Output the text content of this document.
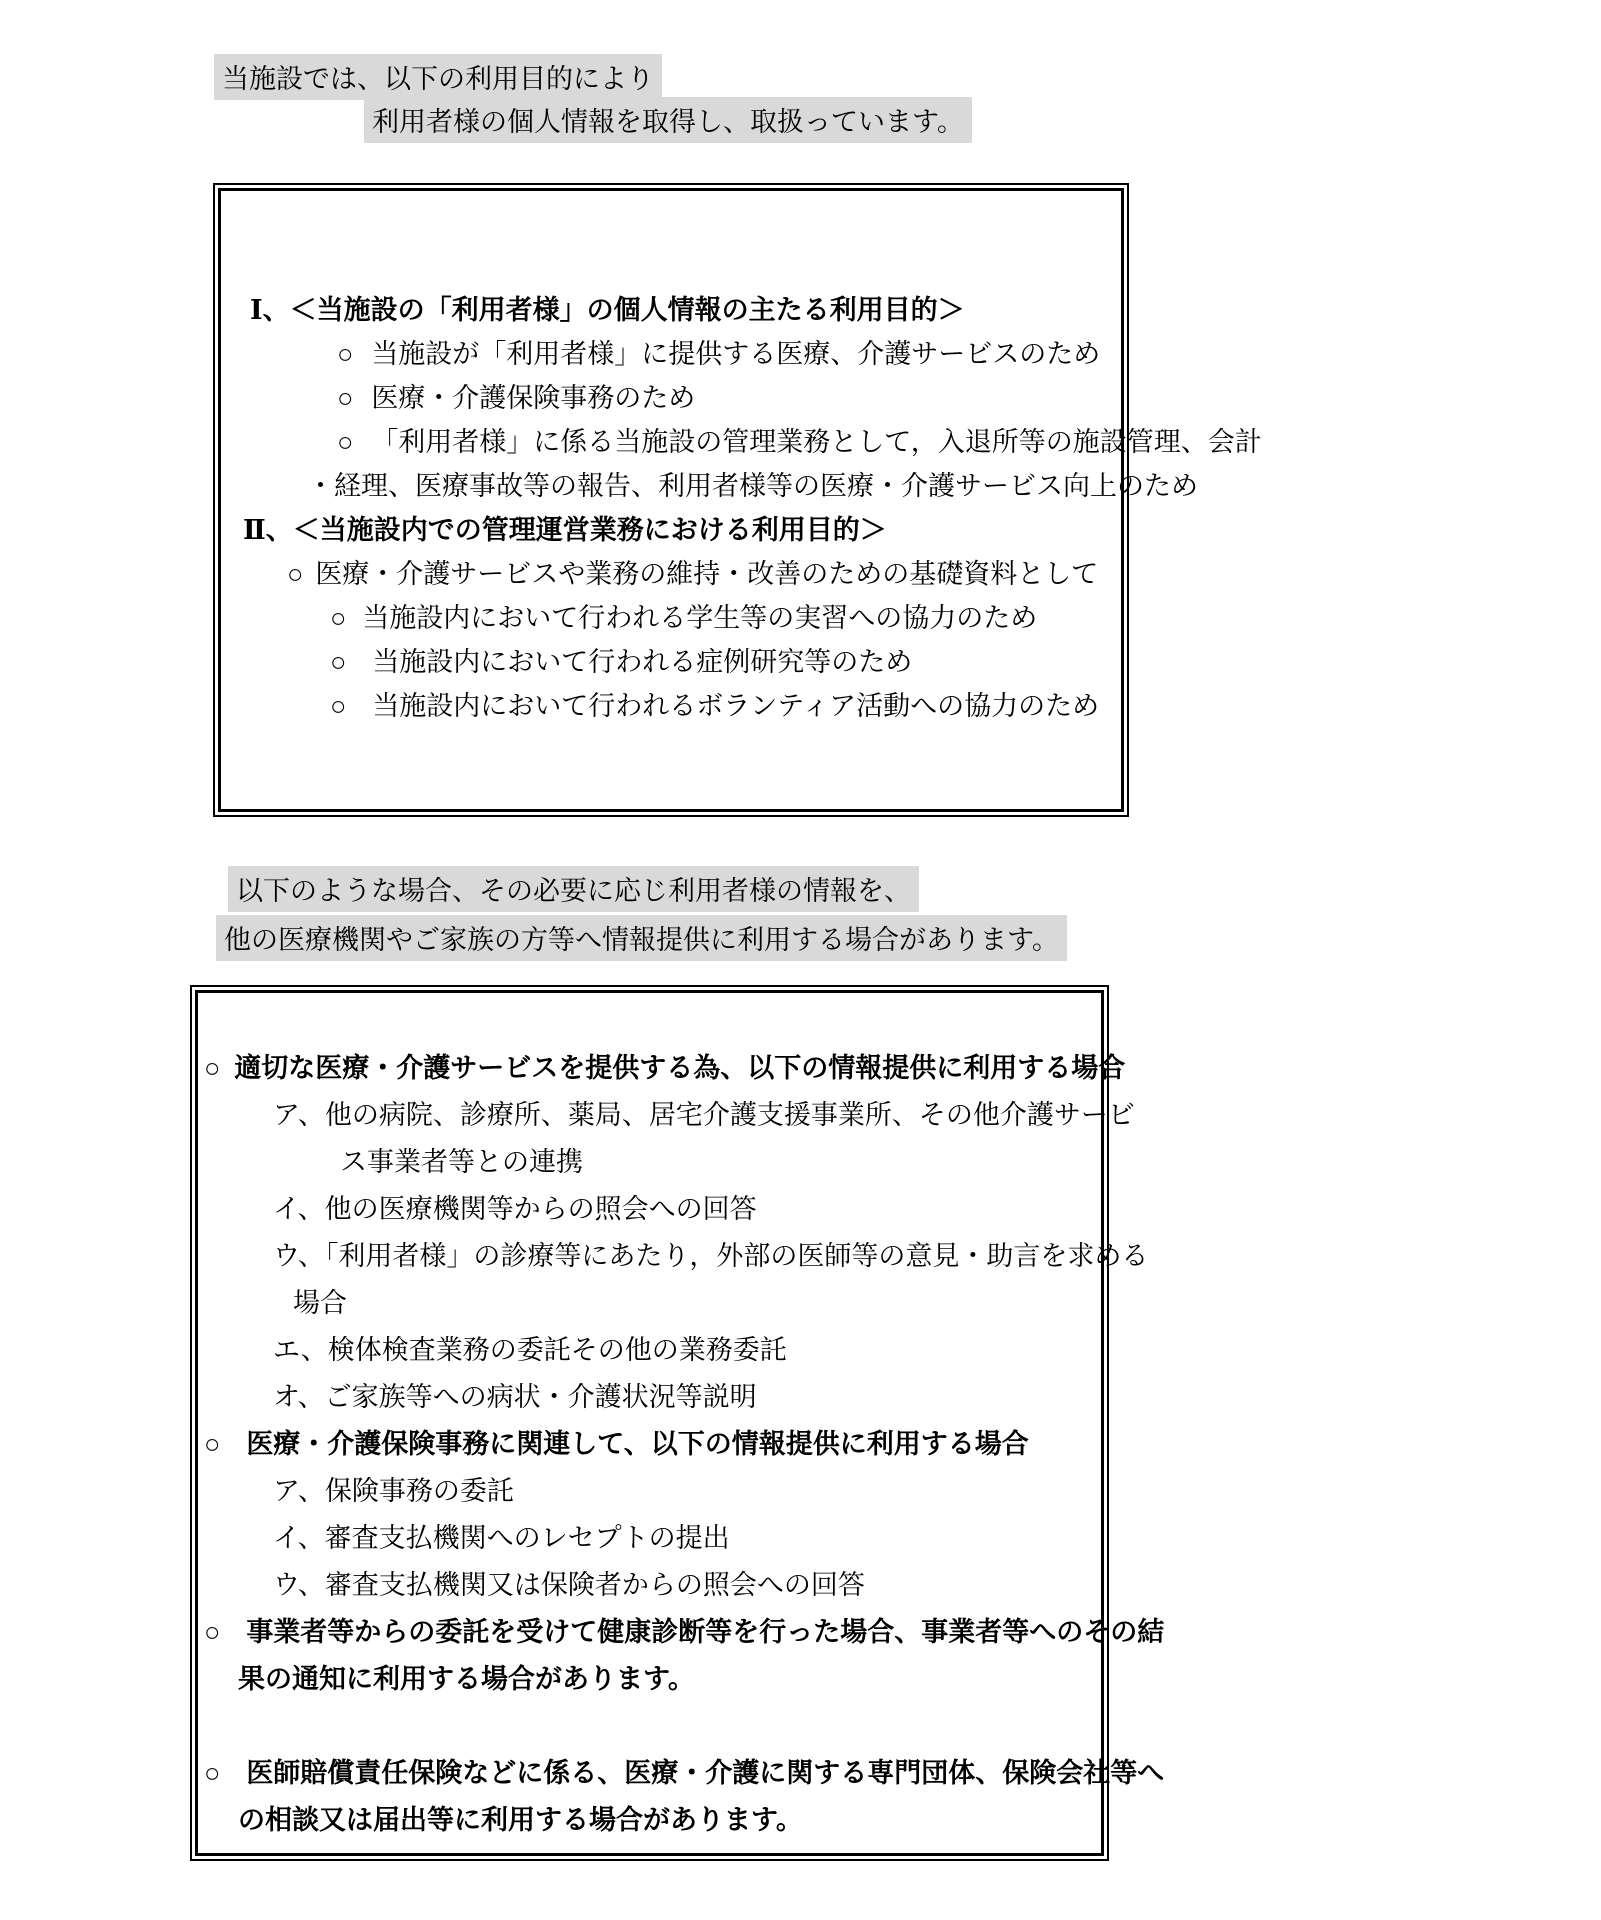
当施設では、以下の利用目的により
利用者様の個人情報を取得し、取扱っています。
Ⅰ、＜当施設の「利用者様」の個人情報の主たる利用目的＞
○ 当施設が「利用者様」に提供する医療、介護サービスのため
○ 医療・介護保険事務のため
○ 「利用者様」に係る当施設の管理業務として，入退所等の施設管理、会計
・経理、医療事故等の報告、利用者様等の医療・介護サービス向上のため
Ⅱ、＜当施設内での管理運営業務における利用目的＞
○ 医療・介護サービスや業務の維持・改善のための基礎資料として
○ 当施設内において行われる学生等の実習への協力のため
○ 当施設内において行われる症例研究等のため
○ 当施設内において行われるボランティア活動への協力のため
以下のような場合、その必要に応じ利用者様の情報を、
他の医療機関やご家族の方等へ情報提供に利用する場合があります。
○ 適切な医療・介護サービスを提供する為、以下の情報提供に利用する場合
ア、他の病院、診療所、薬局、居宅介護支援事業所、その他介護サービ
ス事業者等との連携
イ、他の医療機関等からの照会への回答
ウ、「利用者様」の診療等にあたり，外部の医師等の意見・助言を求める
場合
エ、検体検査業務の委託その他の業務委託
オ、ご家族等への病状・介護状況等説明
○ 医療・介護保険事務に関連して、以下の情報提供に利用する場合
ア、保険事務の委託
イ、審査支払機関へのレセプトの提出
ウ、審査支払機関又は保険者からの照会への回答
○ 事業者等からの委託を受けて健康診断等を行った場合、事業者等へのその結
果の通知に利用する場合があります。
○ 医師賠償責任保険などに係る、医療・介護に関する専門団体、保険会社等へ
の相談又は届出等に利用する場合があります。
